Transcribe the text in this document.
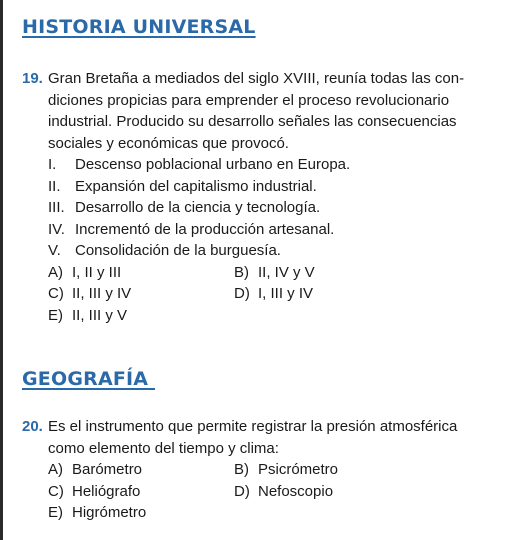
HISTORIA UNIVERSAL
19. Gran Bretaña a mediados del siglo XVIII, reunía todas las con-
diciones propicias para emprender el proceso revolucionario
industrial. Producido su desarrollo señales las consecuencias
sociales y económicas que provocó.
I. Descenso poblacional urbano en Europa.
II. Expansión del capitalismo industrial.
III. Desarrollo de la ciencia y tecnología.
IV. Incrementó de la producción artesanal.
V. Consolidación de la burguesía.
A) I, II y III	B) II, IV y V
C) II, III y IV	D) I, III y IV
E) II, III y V
GEOGRAFÍA
20. Es el instrumento que permite registrar la presión atmosférica
como elemento del tiempo y clima:
A) Barómetro	B) Psicrómetro
C) Heliógrafo	D) Nefoscopio
E) Higrómetro
